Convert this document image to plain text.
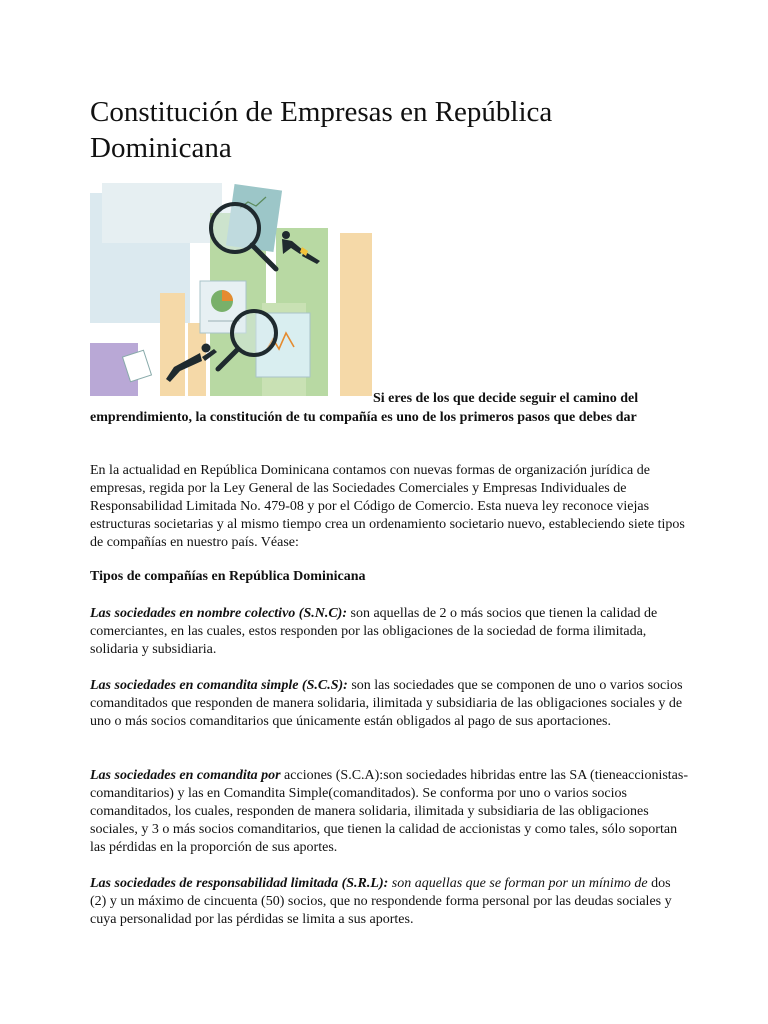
Constitución de Empresas en República Dominicana

Si eres de los que decide seguir el camino del emprendimiento, la constitución de tu compañía es uno de los primeros pasos que debes dar

En la actualidad en República Dominicana contamos con nuevas formas de organización jurídica de empresas, regida por la Ley General de las Sociedades Comerciales y Empresas Individuales de Responsabilidad Limitada No. 479-08 y por el Código de Comercio. Esta nueva ley reconoce viejas estructuras societarias y al mismo tiempo crea un ordenamiento societario nuevo, estableciendo siete tipos de compañías en nuestro país. Véase:

Tipos de compañías en República Dominicana

Las sociedades en nombre colectivo (S.N.C): son aquellas de 2 o más socios que tienen la calidad de comerciantes, en las cuales, estos responden por las obligaciones de la sociedad de forma ilimitada, solidaria y subsidiaria.

Las sociedades en comandita simple (S.C.S): son las sociedades que se componen de uno o varios socios comanditados que responden de manera solidaria, ilimitada y subsidiaria de las obligaciones sociales y de uno o más socios comanditarios que únicamente están obligados al pago de sus aportaciones.

Las sociedades en comandita por acciones (S.C.A):son sociedades hibridas entre las SA (tieneaccionistas-comanditarios) y las en Comandita Simple(comanditados). Se conforma por uno o varios socios comanditados, los cuales, responden de manera solidaria, ilimitada y subsidiaria de las obligaciones sociales, y 3 o más socios comanditarios, que tienen la calidad de accionistas y como tales, sólo soportan las pérdidas en la proporción de sus aportes.

Las sociedades de responsabilidad limitada (S.R.L): son aquellas que se forman por un mínimo de dos (2) y un máximo de cincuenta (50) socios, que no respondende forma personal por las deudas sociales y cuya personalidad por las pérdidas se limita a sus aportes.
